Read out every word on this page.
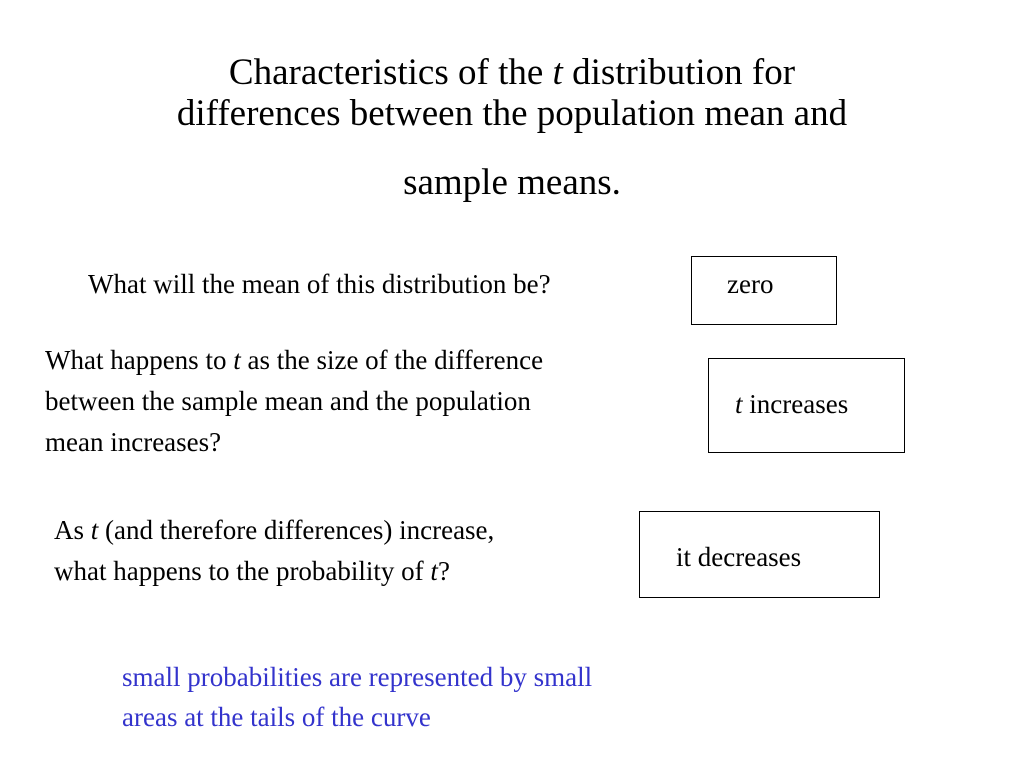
Characteristics of the t distribution for
differences between the population mean and
sample means.
What will the mean of this distribution be?	zero
What happens to t as the size of the difference
between the sample mean and the population
mean increases?
t increases
As t (and therefore differences) increase,
what happens to the probability of t?	it decreases
small probabilities are represented by small
areas at the tails of the curve
